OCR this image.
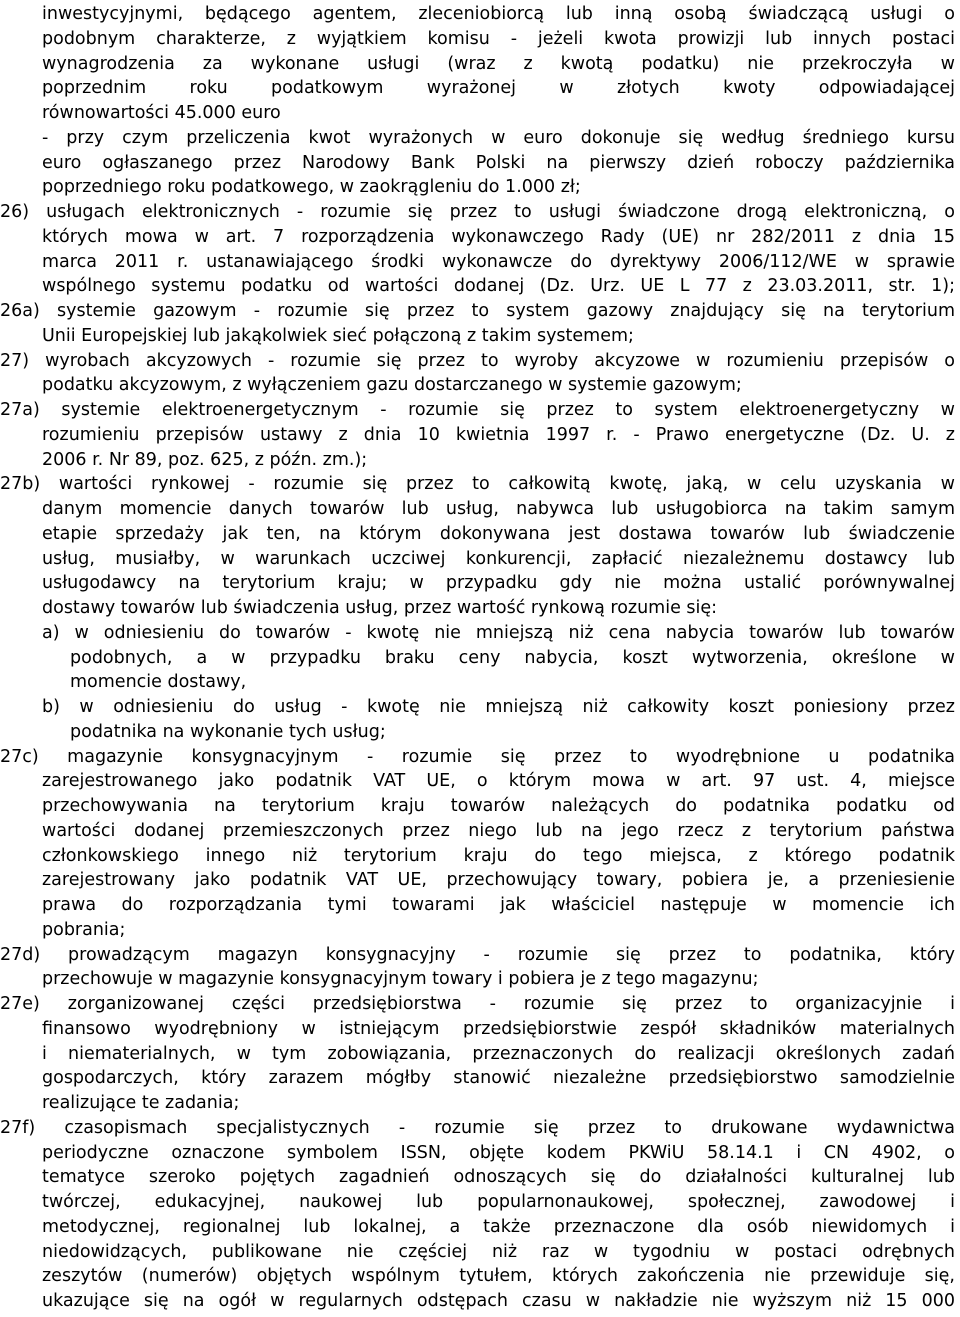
inwestycyjnymi, będącego agentem, zleceniobiorcą lub inną osobą świadczącą usługi o
podobnym charakterze, z wyjątkiem komisu - jeżeli kwota prowizji lub innych postaci
wynagrodzenia za wykonane usługi (wraz z kwotą podatku) nie przekroczyła w
poprzednim roku podatkowym wyrażonej w złotych kwoty odpowiadającej
równowartości 45.000 euro
- przy czym przeliczenia kwot wyrażonych w euro dokonuje się według średniego kursu
euro ogłaszanego przez Narodowy Bank Polski na pierwszy dzień roboczy października
poprzedniego roku podatkowego, w zaokrągleniu do 1.000 zł;
26) usługach elektronicznych - rozumie się przez to usługi świadczone drogą elektroniczną, o
których mowa w art. 7 rozporządzenia wykonawczego Rady (UE) nr 282/2011 z dnia 15
marca 2011 r. ustanawiającego środki wykonawcze do dyrektywy 2006/112/WE w sprawie
wspólnego systemu podatku od wartości dodanej (Dz. Urz. UE L 77 z 23.03.2011, str. 1);
26a) systemie gazowym - rozumie się przez to system gazowy znajdujący się na terytorium
Unii Europejskiej lub jakąkolwiek sieć połączoną z takim systemem;
27) wyrobach akcyzowych - rozumie się przez to wyroby akcyzowe w rozumieniu przepisów o
podatku akcyzowym, z wyłączeniem gazu dostarczanego w systemie gazowym;
27a) systemie elektroenergetycznym - rozumie się przez to system elektroenergetyczny w
rozumieniu przepisów ustawy z dnia 10 kwietnia 1997 r. - Prawo energetyczne (Dz. U. z
2006 r. Nr 89, poz. 625, z późn. zm.);
27b) wartości rynkowej - rozumie się przez to całkowitą kwotę, jaką, w celu uzyskania w
danym momencie danych towarów lub usług, nabywca lub usługobiorca na takim samym
etapie sprzedaży jak ten, na którym dokonywana jest dostawa towarów lub świadczenie
usług, musiałby, w warunkach uczciwej konkurencji, zapłacić niezależnemu dostawcy lub
usługodawcy na terytorium kraju; w przypadku gdy nie można ustalić porównywalnej
dostawy towarów lub świadczenia usług, przez wartość rynkową rozumie się:
a) w odniesieniu do towarów - kwotę nie mniejszą niż cena nabycia towarów lub towarów
podobnych, a w przypadku braku ceny nabycia, koszt wytworzenia, określone w
momencie dostawy,
b) w odniesieniu do usług - kwotę nie mniejszą niż całkowity koszt poniesiony przez
podatnika na wykonanie tych usług;
27c) magazynie konsygnacyjnym - rozumie się przez to wyodrębnione u podatnika
zarejestrowanego jako podatnik VAT UE, o którym mowa w art. 97 ust. 4, miejsce
przechowywania na terytorium kraju towarów należących do podatnika podatku od
wartości dodanej przemieszczonych przez niego lub na jego rzecz z terytorium państwa
członkowskiego innego niż terytorium kraju do tego miejsca, z którego podatnik
zarejestrowany jako podatnik VAT UE, przechowujący towary, pobiera je, a przeniesienie
prawa do rozporządzania tymi towarami jak właściciel następuje w momencie ich
pobrania;
27d) prowadzącym magazyn konsygnacyjny - rozumie się przez to podatnika, który
przechowuje w magazynie konsygnacyjnym towary i pobiera je z tego magazynu;
27e) zorganizowanej części przedsiębiorstwa - rozumie się przez to organizacyjnie i
finansowo wyodrębniony w istniejącym przedsiębiorstwie zespół składników materialnych
i niematerialnych, w tym zobowiązania, przeznaczonych do realizacji określonych zadań
gospodarczych, który zarazem mógłby stanowić niezależne przedsiębiorstwo samodzielnie
realizujące te zadania;
27f) czasopismach specjalistycznych - rozumie się przez to drukowane wydawnictwa
periodyczne oznaczone symbolem ISSN, objęte kodem PKWiU 58.14.1 i CN 4902, o
tematyce szeroko pojętych zagadnień odnoszących się do działalności kulturalnej lub
twórczej, edukacyjnej, naukowej lub popularnonaukowej, społecznej, zawodowej i
metodycznej, regionalnej lub lokalnej, a także przeznaczone dla osób niewidomych i
niedowidzących, publikowane nie częściej niż raz w tygodniu w postaci odrębnych
zeszytów (numerów) objętych wspólnym tytułem, których zakończenia nie przewiduje się,
ukazujące się na ogół w regularnych odstępach czasu w nakładzie nie wyższym niż 15 000
